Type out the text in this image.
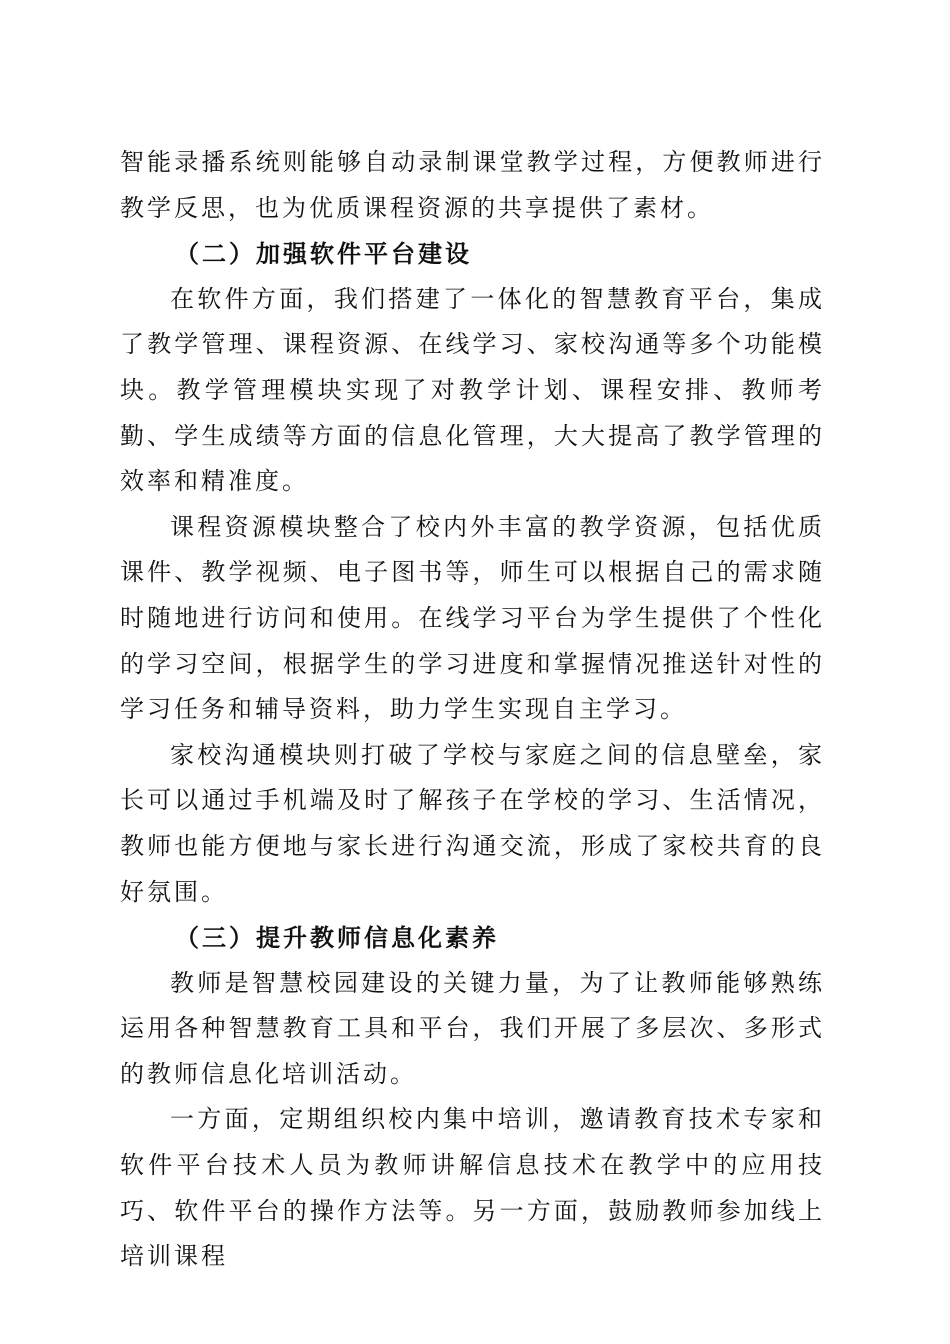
智能录播系统则能够自动录制课堂教学过程，方便教师进行教学反思，也为优质课程资源的共享提供了素材。

（二）加强软件平台建设

在软件方面，我们搭建了一体化的智慧教育平台，集成了教学管理、课程资源、在线学习、家校沟通等多个功能模块。教学管理模块实现了对教学计划、课程安排、教师考勤、学生成绩等方面的信息化管理，大大提高了教学管理的效率和精准度。

课程资源模块整合了校内外丰富的教学资源，包括优质课件、教学视频、电子图书等，师生可以根据自己的需求随时随地进行访问和使用。在线学习平台为学生提供了个性化的学习空间，根据学生的学习进度和掌握情况推送针对性的学习任务和辅导资料，助力学生实现自主学习。

家校沟通模块则打破了学校与家庭之间的信息壁垒，家长可以通过手机端及时了解孩子在学校的学习、生活情况，教师也能方便地与家长进行沟通交流，形成了家校共育的良好氛围。

（三）提升教师信息化素养

教师是智慧校园建设的关键力量，为了让教师能够熟练运用各种智慧教育工具和平台，我们开展了多层次、多形式的教师信息化培训活动。

一方面，定期组织校内集中培训，邀请教育技术专家和软件平台技术人员为教师讲解信息技术在教学中的应用技巧、软件平台的操作方法等。另一方面，鼓励教师参加线上培训课程
